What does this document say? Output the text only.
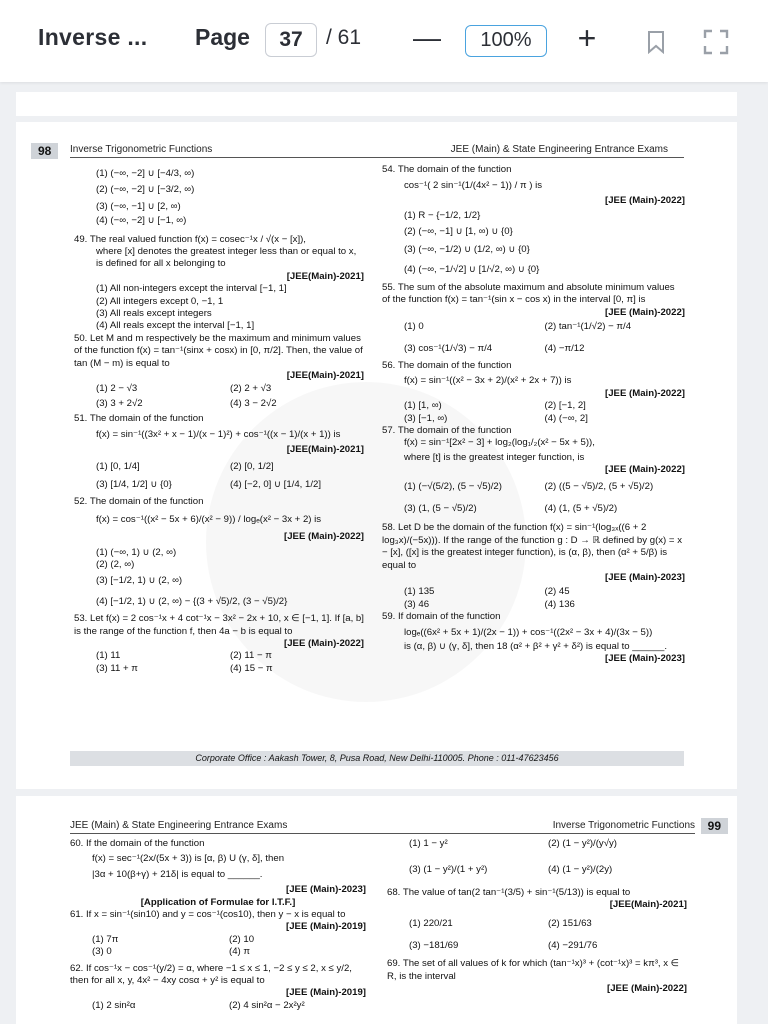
Inverse ... Page	37	/ 61 —	100%	+
98	Inverse Trigonometric Functions	JEE (Main) & State Engineering Entrance Exams
(1) (−∞, −2] ∪ [−4/3, ∞)
(2) (−∞, −2] ∪ [−3/2, ∞)
(3) (−∞, −1] ∪ [2, ∞)
(4) (−∞, −2] ∪ [−1, ∞)
49. The real valued function f(x) = cosec⁻¹x / √(x − [x]),
where [x] denotes the greatest integer less than or equal to x, is defined for all x belonging to
[JEE(Main)-2021]
(1) All non-integers except the interval [−1, 1]
(2) All integers except 0, −1, 1
(3) All reals except integers
(4) All reals except the interval [−1, 1]
50. Let M and m respectively be the maximum and minimum values of the function f(x) = tan⁻¹(sinx + cosx) in [0, π/2]. Then, the value of tan (M − m) is equal to
[JEE(Main)-2021]
(1) 2 − √3	(2) 2 + √3
(3) 3 + 2√2	(4) 3 − 2√2
51. The domain of the function
f(x) = sin⁻¹((3x² + x − 1)/(x − 1)²) + cos⁻¹((x − 1)/(x + 1)) is
[JEE(Main)-2021]
(1) [0, 1/4]	(2) [0, 1/2]
(3) [1/4, 1/2] ∪ {0}	(4) [−2, 0] ∪ [1/4, 1/2]
52. The domain of the function
f(x) = cos⁻¹((x² − 5x + 6)/(x² − 9)) / logₑ(x² − 3x + 2) is
[JEE (Main)-2022]
(1) (−∞, 1) ∪ (2, ∞)
(2) (2, ∞)
(3) [−1/2, 1) ∪ (2, ∞)
(4) [−1/2, 1) ∪ (2, ∞) − {(3 + √5)/2, (3 − √5)/2}
53. Let f(x) = 2 cos⁻¹x + 4 cot⁻¹x − 3x² − 2x + 10, x ∈ [−1, 1]. If [a, b] is the range of the function f, then 4a − b is equal to
[JEE (Main)-2022]
(1) 11	(2) 11 − π
(3) 11 + π	(4) 15 − π
54. The domain of the function
cos⁻¹( 2 sin⁻¹(1/(4x² − 1)) / π ) is
[JEE (Main)-2022]
(1) R − {−1/2, 1/2}
(2) (−∞, −1] ∪ [1, ∞) ∪ {0}
(3) (−∞, −1/2) ∪ (1/2, ∞) ∪ {0}
(4) (−∞, −1/√2] ∪ [1/√2, ∞) ∪ {0}
55. The sum of the absolute maximum and absolute minimum values of the function f(x) = tan⁻¹(sin x − cos x) in the interval [0, π] is
[JEE (Main)-2022]
(1) 0	(2) tan⁻¹(1/√2) − π/4
(3) cos⁻¹(1/√3) − π/4	(4) −π/12
56. The domain of the function
f(x) = sin⁻¹((x² − 3x + 2)/(x² + 2x + 7)) is
[JEE (Main)-2022]
(1) [1, ∞)	(2) [−1, 2]
(3) [−1, ∞)	(4) (−∞, 2]
57. The domain of the function
f(x) = sin⁻¹[2x² − 3] + log₂(log₁/₂(x² − 5x + 5)),
where [t] is the greatest integer function, is
[JEE (Main)-2022]
(1) (−√(5/2), (5 − √5)/2)	(2) ((5 − √5)/2, (5 + √5)/2)
(3) (1, (5 − √5)/2)	(4) (1, (5 + √5)/2)
58. Let D be the domain of the function f(x) = sin⁻¹(log₃ₓ((6 + 2 log₃x)/(−5x))). If the range of the function g : D → ℝ defined by g(x) = x − [x], ([x] is the greatest integer function), is (α, β), then (α² + 5/β) is equal to
[JEE (Main)-2023]
(1) 135	(2) 45
(3) 46	(4) 136
59. If domain of the function
logₑ((6x² + 5x + 1)/(2x − 1)) + cos⁻¹((2x² − 3x + 4)/(3x − 5))
is (α, β) ∪ (γ, δ], then 18 (α² + β² + γ² + δ²) is equal to ______.
[JEE (Main)-2023]
Corporate Office : Aakash Tower, 8, Pusa Road, New Delhi-110005. Phone : 011-47623456
JEE (Main) & State Engineering Entrance Exams	Inverse Trigonometric Functions	99
60. If the domain of the function
f(x) = sec⁻¹(2x/(5x + 3)) is [α, β) U (γ, δ], then
|3α + 10(β+γ) + 21δ| is equal to ______.
[JEE (Main)-2023]
[Application of Formulae for I.T.F.]
61. If x = sin⁻¹(sin10) and y = cos⁻¹(cos10), then y − x is equal to
[JEE (Main)-2019]
(1) 7π	(2) 10
(3) 0	(4) π
62. If cos⁻¹x − cos⁻¹(y/2) = α, where −1 ≤ x ≤ 1, −2 ≤ y ≤ 2, x ≤ y/2, then for all x, y, 4x² − 4xy cosα + y² is equal to
[JEE (Main)-2019]
(1) 2 sin²α	(2) 4 sin²α − 2x²y²
(1) 1 − y²	(2) (1 − y²)/(y√y)
(3) (1 − y²)/(1 + y²)	(4) (1 − y²)/(2y)
68. The value of tan(2 tan⁻¹(3/5) + sin⁻¹(5/13)) is equal to
[JEE(Main)-2021]
(1) 220/21	(2) 151/63
(3) −181/69	(4) −291/76
69. The set of all values of k for which (tan⁻¹x)³ + (cot⁻¹x)³ = kπ³, x ∈ R, is the interval
[JEE (Main)-2022]
